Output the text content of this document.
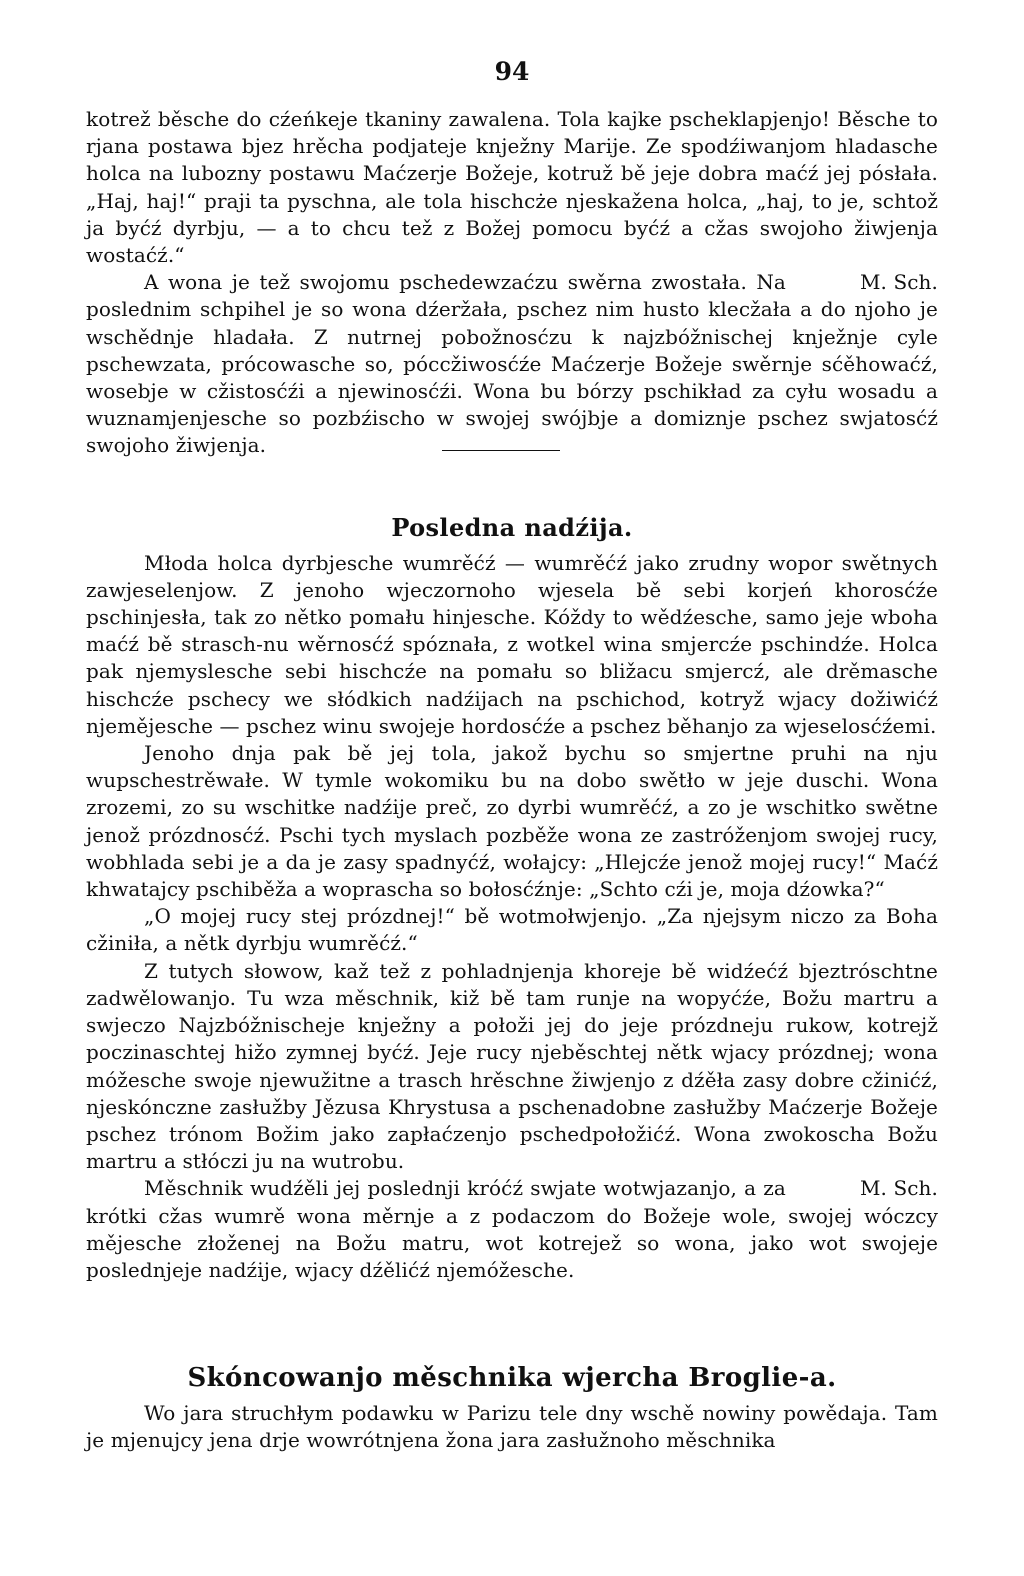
94

kotrež běsche do cźeńkeje tkaniny zawalena. Tola kajke pscheklapjenjo! Běsche to rjana postawa bjez hrěcha podjateje knježny Marije. Ze spodźiwanjom hladasche holca na lubozny postawu Maćzerje Božeje, kotruž bě jeje dobra maćź jej pósłała. „Haj, haj!“ praji ta pyschna, ale tola hischcże njeskažena holca, „haj, to je, schtož ja byćź dyrbju, — a to chcu tež z Božej pomocu byćź a cžas swojoho žiwjenja wostaćź.“

M. Sch.
A wona je tež swojomu pschedewzaćzu swěrna zwostała. Na poslednim schpihel je so wona dźeržała, pschez nim husto klecžała a do njoho je wschědnje hladała. Z nutrnej pobožnosćzu k najzbóžnischej knježnje cyle pschewzata, prócowasche so, póccžiwosćźe Maćzerje Božeje swěrnje sćěhowaćź, wosebje w cžistosćźi a njewinosćźi. Wona bu bórzy pschikład za cyłu wosadu a wuznamjenjesche so pozbźischo w swojej swójbje a domiznje pschez swjatosćź swojoho žiwjenja.

Posledna nadźija.

Młoda holca dyrbjesche wumrěćź — wumrěćź jako zrudny wopor swětnych zawjeselenjow. Z jenoho wjeczornoho wjesela bě sebi korjeń khorosćźe pschinjesła, tak zo nětko pomału hinjesche. Kóždy to wědźesche, samo jeje wboha maćź bě strasch-nu wěrnosćź spóznała, z wotkel wina smjercźe pschindźe. Holca pak njemyslesche sebi hischcźe na pomału so bližacu smjercź, ale drěmasche hischcźe pschecy we słódkich nadźijach na pschichod, kotryž wjacy dožiwićź njemějesche — pschez winu swojeje hordosćźe a pschez běhanjo za wjeselosćźemi.

Jenoho dnja pak bě jej tola, jakož bychu so smjertne pruhi na nju wupschestrěwałe. W tymle wokomiku bu na dobo swětło w jeje duschi. Wona zrozemi, zo su wschitke nadźije preč, zo dyrbi wumrěćź, a zo je wschitko swětne jenož prózdnosćź. Pschi tych myslach pozběže wona ze zastróženjom swojej rucy, wobhlada sebi je a da je zasy spadnyćź, wołajcy: „Hlejcźe jenož mojej rucy!“ Maćź khwatajcy pschiběža a woprascha so bołosćźnje: „Schto cźi je, moja dźowka?“

„O mojej rucy stej prózdnej!“ bě wotmołwjenjo. „Za njejsym niczo za Boha cžiniła, a nětk dyrbju wumrěćź.“

Z tutych słowow, kaž tež z pohladnjenja khorejе bě widźećź bjeztróschtne zadwělowanjo. Tu wza měschnik, kiž bě tam runje na wopyćźe, Božu martru a swjeczo Najzbóžnischeje knježny a połoži jej do jeje prózdneju rukow, kotrejž poczinaschtej hižo zymnej byćź. Jeje rucy njeběschtej nětk wjacy prózdnej; wona móžesche swoje njewužitne a trasch hrěschne žiwjenjo z dźěła zasy dobre cžinićź, njeskónczne zasłužby Jězusa Khrystusa a pschenadobne zasłužby Maćzerje Božeje pschez trónom Božim jako zapłaćzenjo pschedpołožićź. Wona zwokoscha Božu martru a stłóczi ju na wutrobu.

M. Sch.
Měschnik wudźěli jej poslednji króćź swjate wotwjazanjo, a za krótki cžas wumrě wona měrnje a z podaczom do Božeje wole, swojej wóczcy mějesche złoženej na Božu matru, wot kotrejež so wona, jako wot swojeje poslednjeje nadźije, wjacy dźělićź njemóžesche.

Skóncowanjo měschnika wjercha Broglie-a.

Wo jara struchłym podawku w Parizu tele dny wschě nowiny powědaja. Tam je mjenujcy jena drje wowrótnjena žona jara zasłužnoho měschnika
